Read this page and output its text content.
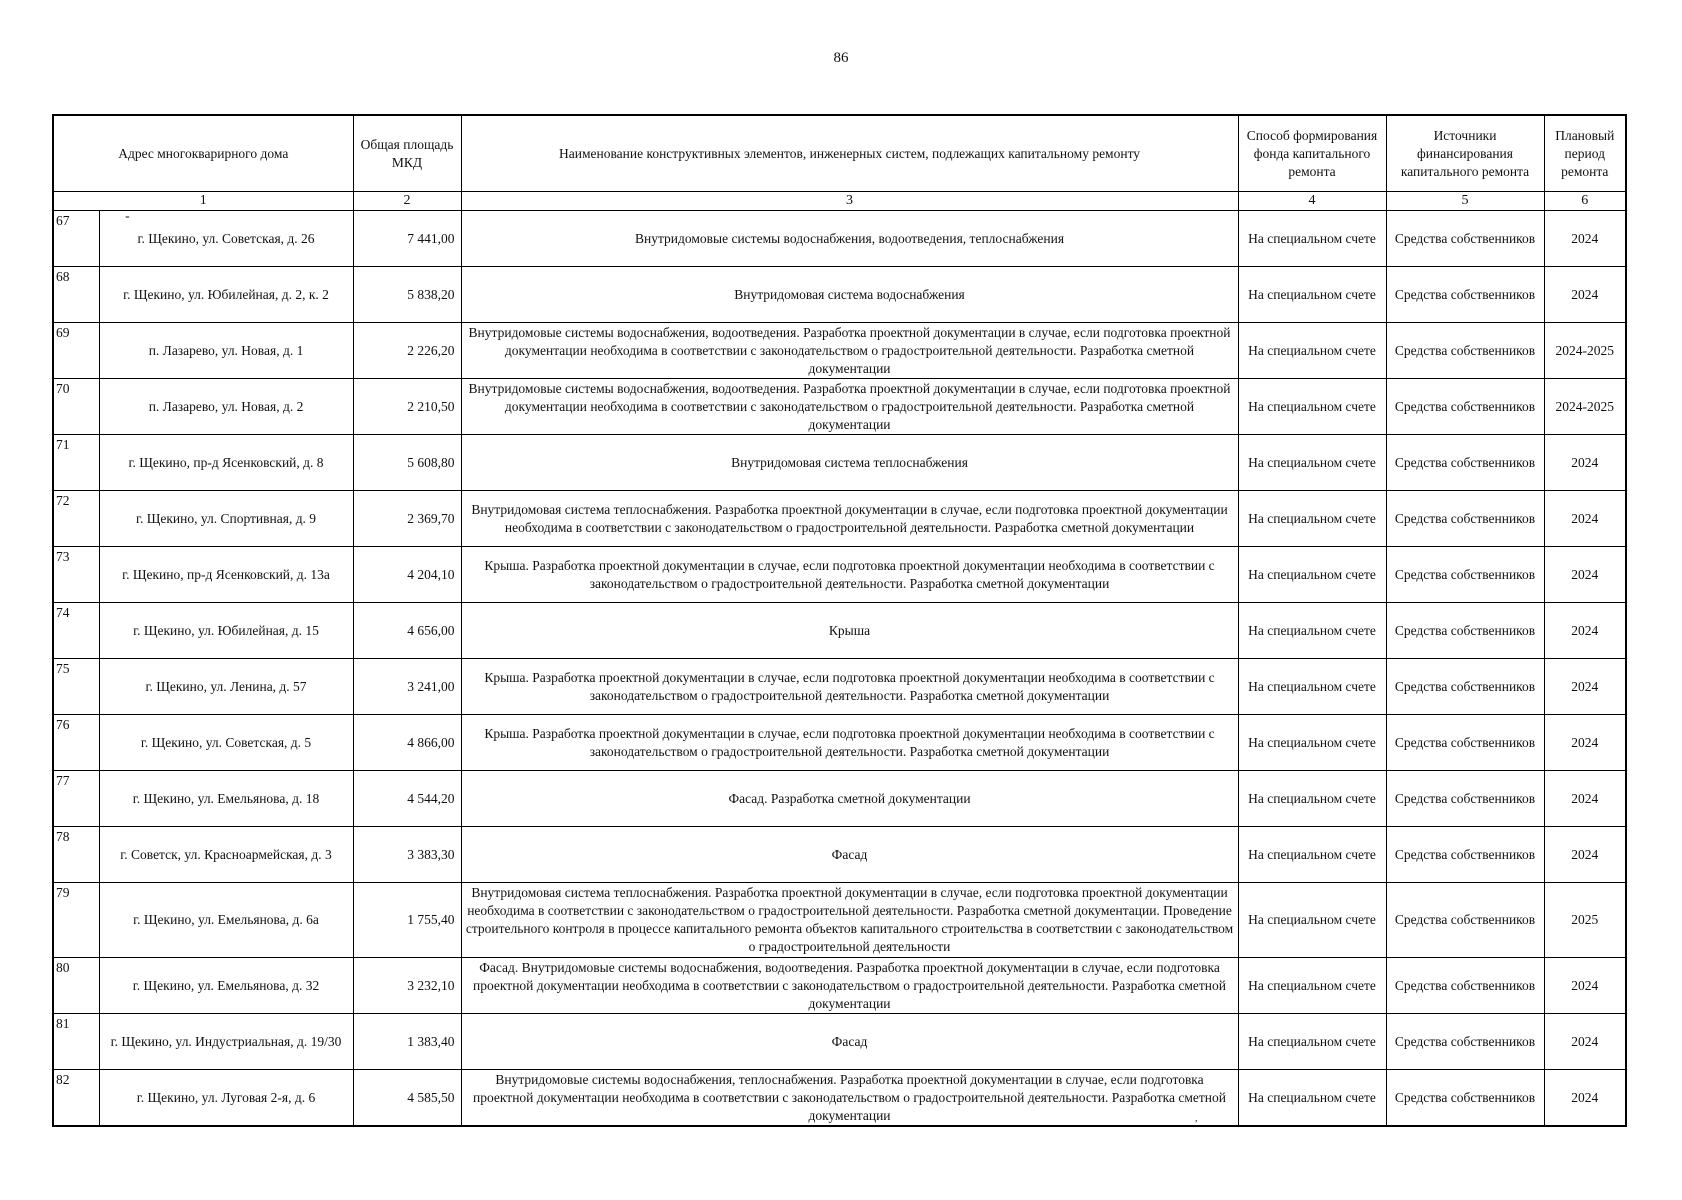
86
Адрес многокварирного дома		Общая площадь МКД	Наименование конструктивных элементов, инженерных систем, подлежащих капитальному ремонту	Способ формирования фонда капитального ремонта	Источники финансирования капитального ремонта	Плановый период ремонта
1		2	3	4	5	6
67	г. Щекино, ул. Советская, д. 26	7 441,00	Внутридомовые системы водоснабжения, водоотведения, теплоснабжения	На специальном счете	Средства собственников	2024
68	г. Щекино, ул. Юбилейная, д. 2, к. 2	5 838,20	Внутридомовая система водоснабжения	На специальном счете	Средства собственников	2024
69	п. Лазарево, ул. Новая, д. 1	2 226,20	Внутридомовые системы водоснабжения, водоотведения. Разработка проектной документации в случае, если подготовка проектной документации необходима в соответствии с законодательством о градостроительной деятельности. Разработка сметной документации	На специальном счете	Средства собственников	2024-2025
70	п. Лазарево, ул. Новая, д. 2	2 210,50	Внутридомовые системы водоснабжения, водоотведения. Разработка проектной документации в случае, если подготовка проектной документации необходима в соответствии с законодательством о градостроительной деятельности. Разработка сметной документации	На специальном счете	Средства собственников	2024-2025
71	г. Щекино, пр-д Ясенковский, д. 8	5 608,80	Внутридомовая система теплоснабжения	На специальном счете	Средства собственников	2024
72	г. Щекино, ул. Спортивная, д. 9	2 369,70	Внутридомовая система теплоснабжения. Разработка проектной документации в случае, если подготовка проектной документации необходима в соответствии с законодательством о градостроительной деятельности. Разработка сметной документации	На специальном счете	Средства собственников	2024
73	г. Щекино, пр-д Ясенковский, д. 13а	4 204,10	Крыша. Разработка проектной документации в случае, если подготовка проектной документации необходима в соответствии с законодательством о градостроительной деятельности. Разработка сметной документации	На специальном счете	Средства собственников	2024
74	г. Щекино, ул. Юбилейная, д. 15	4 656,00	Крыша	На специальном счете	Средства собственников	2024
75	г. Щекино, ул. Ленина, д. 57	3 241,00	Крыша. Разработка проектной документации в случае, если подготовка проектной документации необходима в соответствии с законодательством о градостроительной деятельности. Разработка сметной документации	На специальном счете	Средства собственников	2024
76	г. Щекино, ул. Советская, д. 5	4 866,00	Крыша. Разработка проектной документации в случае, если подготовка проектной документации необходима в соответствии с законодательством о градостроительной деятельности. Разработка сметной документации	На специальном счете	Средства собственников	2024
77	г. Щекино, ул. Емельянова, д. 18	4 544,20	Фасад. Разработка сметной документации	На специальном счете	Средства собственников	2024
78	г. Советск, ул. Красноармейская, д. 3	3 383,30	Фасад	На специальном счете	Средства собственников	2024
79	г. Щекино, ул. Емельянова, д. 6а	1 755,40	Внутридомовая система теплоснабжения. Разработка проектной документации в случае, если подготовка проектной документации необходима в соответствии с законодательством о градостроительной деятельности. Разработка сметной документации. Проведение строительного контроля в процессе капитального ремонта объектов капитального строительства в соответствии с законодательством о градостроительной деятельности	На специальном счете	Средства собственников	2025
80	г. Щекино, ул. Емельянова, д. 32	3 232,10	Фасад. Внутридомовые системы водоснабжения, водоотведения. Разработка проектной документации в случае, если подготовка проектной документации необходима в соответствии с законодательством о градостроительной деятельности. Разработка сметной документации	На специальном счете	Средства собственников	2024
81	г. Щекино, ул. Индустриальная, д. 19/30	1 383,40	Фасад	На специальном счете	Средства собственников	2024
82	г. Щекино, ул. Луговая 2-я, д. 6	4 585,50	Внутридомовые системы водоснабжения, теплоснабжения. Разработка проектной документации в случае, если подготовка проектной документации необходима в соответствии с законодательством о градостроительной деятельности. Разработка сметной документации	На специальном счете	Средства собственников	2024
⁼
,
